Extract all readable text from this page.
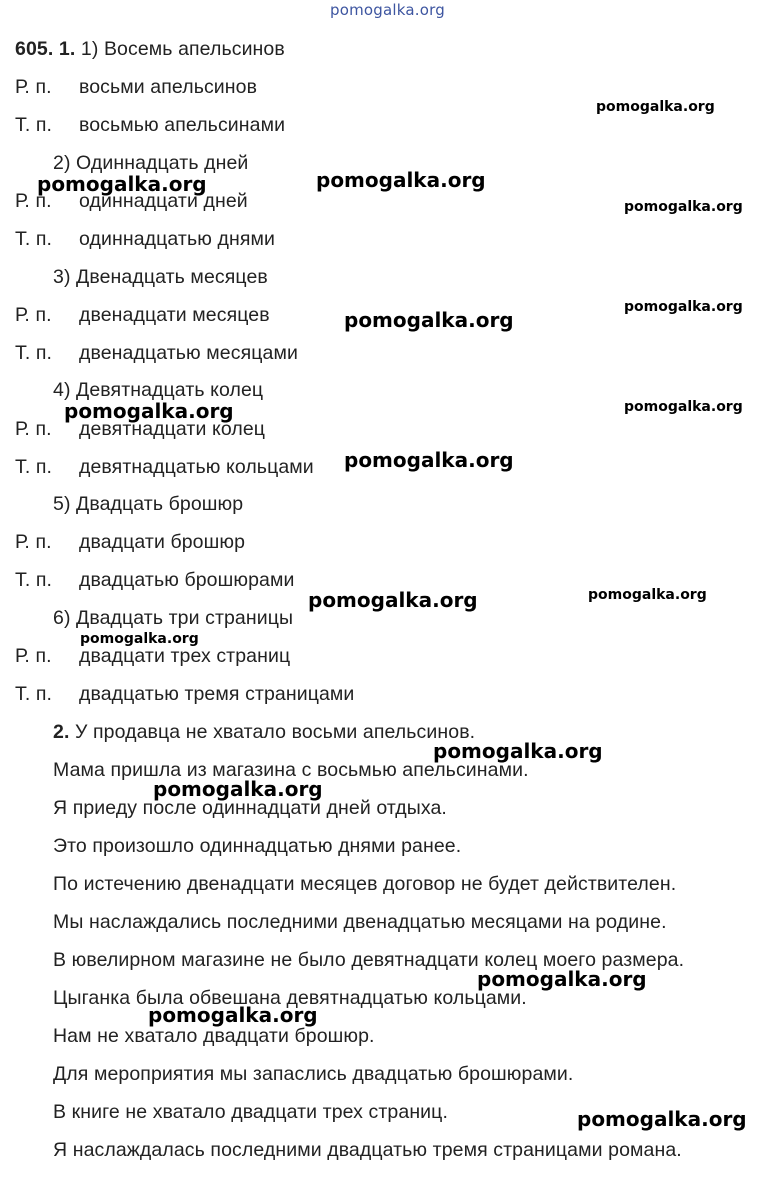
pomogalka.org
605. 1. 1) Восемь апельсинов
Р. п. восьми апельсинов
Т. п. восьмью апельсинами
2) Одиннадцать дней
Р. п. одиннадцати дней
Т. п. одиннадцатью днями
3) Двенадцать месяцев
Р. п. двенадцати месяцев
Т. п. двенадцатью месяцами
4) Девятнадцать колец
Р. п. девятнадцати колец
Т. п. девятнадцатью кольцами
5) Двадцать брошюр
Р. п. двадцати брошюр
Т. п. двадцатью брошюрами
6) Двадцать три страницы
Р. п. двадцати трех страниц
Т. п. двадцатью тремя страницами
2. У продавца не хватало восьми апельсинов.
Мама пришла из магазина с восьмью апельсинами.
Я приеду после одиннадцати дней отдыха.
Это произошло одиннадцатью днями ранее.
По истечению двенадцати месяцев договор не будет действителен.
Мы наслаждались последними двенадцатью месяцами на родине.
В ювелирном магазине не было девятнадцати колец моего размера.
Цыганка была обвешана девятнадцатью кольцами.
Нам не хватало двадцати брошюр.
Для мероприятия мы запаслись двадцатью брошюрами.
В книге не хватало двадцати трех страниц.
Я наслаждалась последними двадцатью тремя страницами романа.
pomogalka.org
pomogalka.org	pomogalka.org
pomogalka.org
pomogalka.org
pomogalka.org
pomogalka.org	pomogalka.org
pomogalka.org
pomogalka.org
pomogalka.org
pomogalka.org
pomogalka.org
pomogalka.org
pomogalka.org
pomogalka.org
pomogalka.org
